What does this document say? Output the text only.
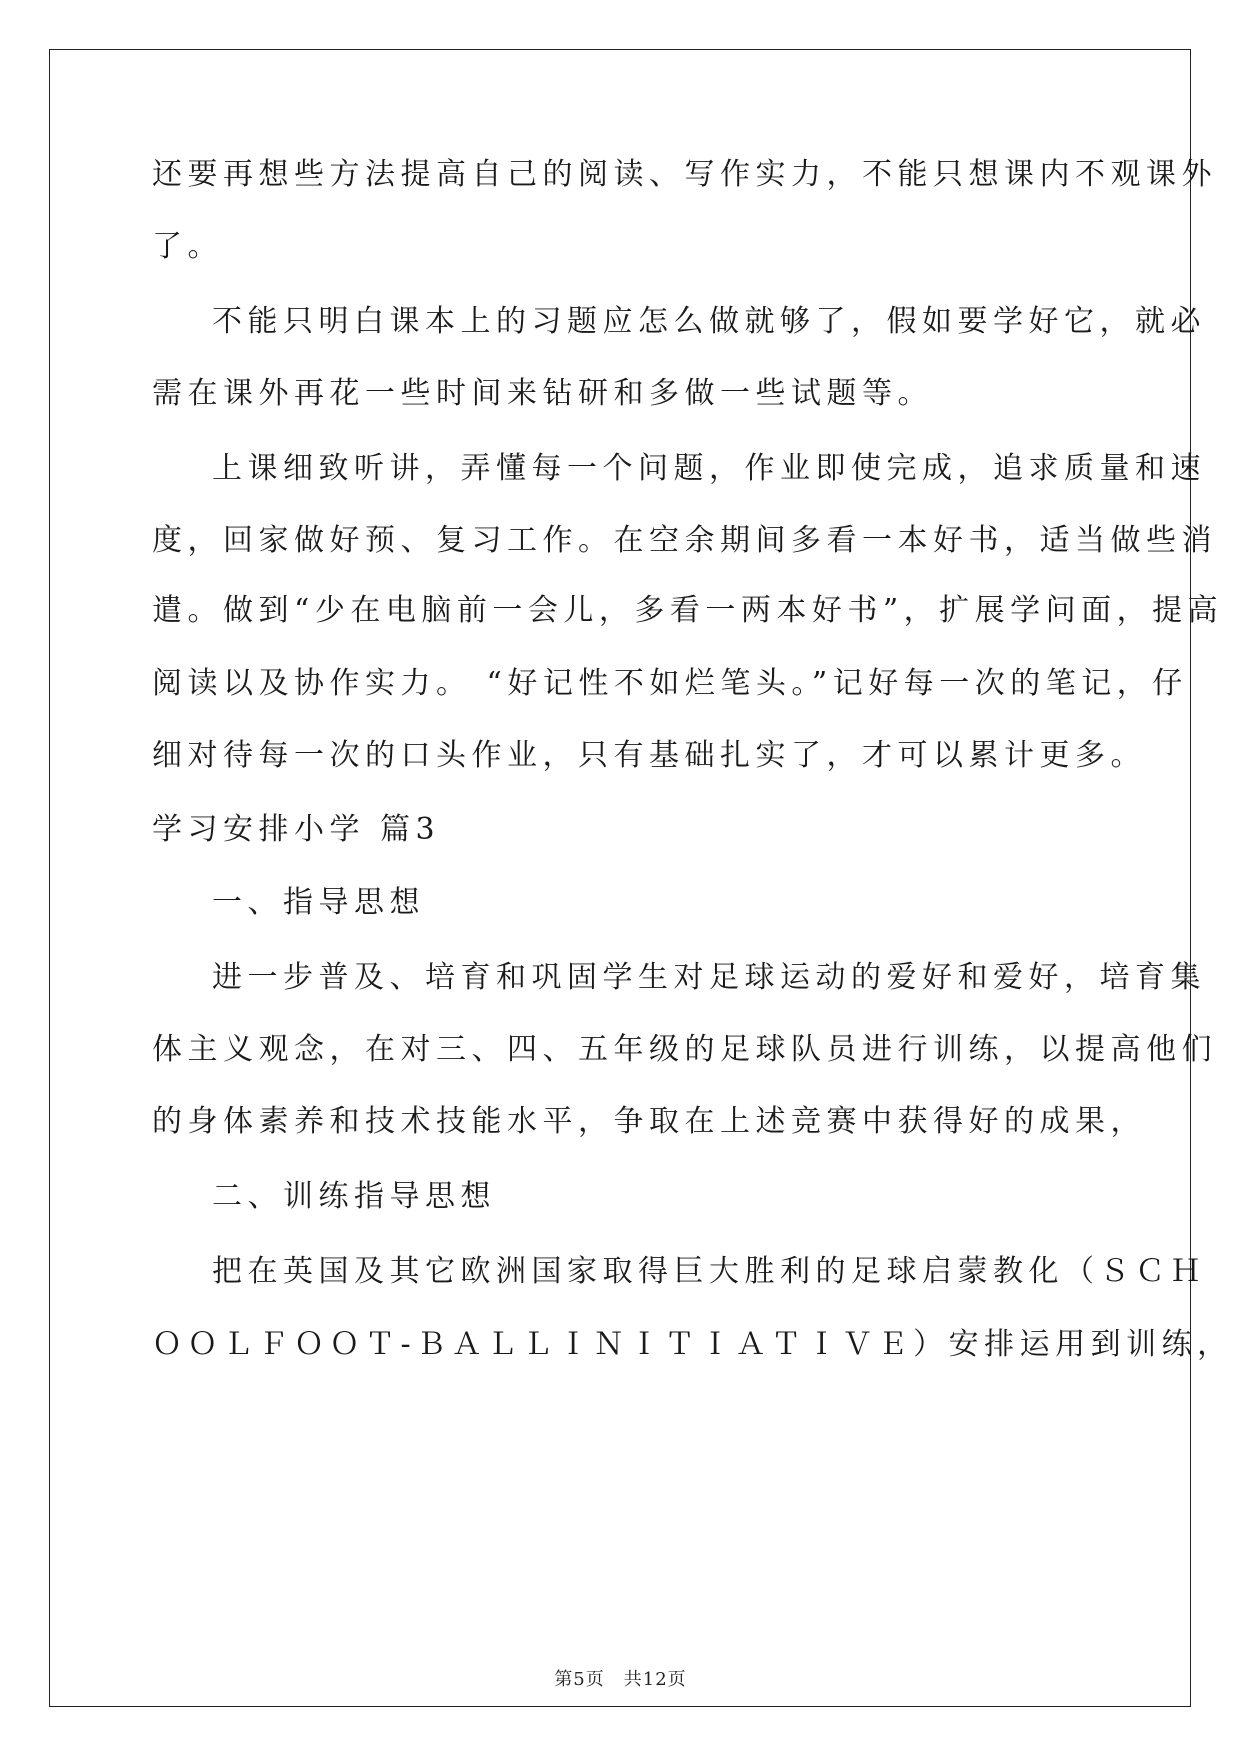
还要再想些方法提高自己的阅读、写作实力，不能只想课内不观课外
了。
不能只明白课本上的习题应怎么做就够了，假如要学好它，就必
需在课外再花一些时间来钻研和多做一些试题等。
上课细致听讲，弄懂每一个问题，作业即使完成，追求质量和速
度，回家做好预、复习工作。在空余期间多看一本好书，适当做些消
遣。做到“少在电脑前一会儿，多看一两本好书”，扩展学问面，提高
阅读以及协作实力。 “好记性不如烂笔头。”记好每一次的笔记，仔
细对待每一次的口头作业，只有基础扎实了，才可以累计更多。
学习安排小学 篇3
一、指导思想
进一步普及、培育和巩固学生对足球运动的爱好和爱好，培育集
体主义观念，在对三、四、五年级的足球队员进行训练，以提高他们
的身体素养和技术技能水平，争取在上述竞赛中获得好的成果，
二、训练指导思想
把在英国及其它欧洲国家取得巨大胜利的足球启蒙教化（ＳＣＨ
ＯＯＬＦＯＯＴ-ＢＡＬＬＩＮＩＴＩＡＴＩＶＥ）安排运用到训练，
第5页　共12页
